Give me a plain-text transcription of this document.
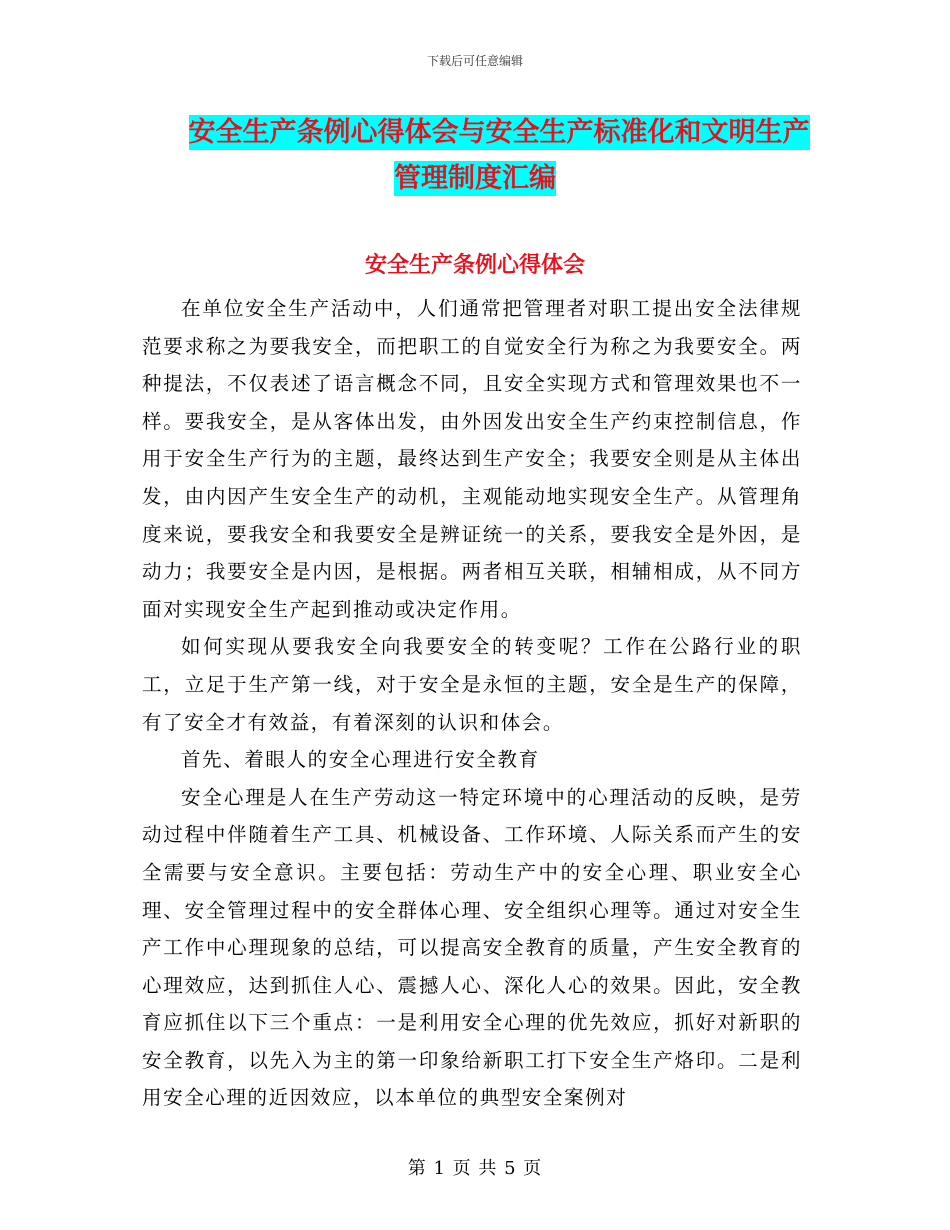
下载后可任意编辑
安全生产条例心得体会与安全生产标准化和文明生产
管理制度汇编
安全生产条例心得体会

在单位安全生产活动中，人们通常把管理者对职工提出安全法律规范要求称之为要我安全，而把职工的自觉安全行为称之为我要安全。两种提法，不仅表述了语言概念不同，且安全实现方式和管理效果也不一样。要我安全，是从客体出发，由外因发出安全生产约束控制信息，作用于安全生产行为的主题，最终达到生产安全；我要安全则是从主体出发，由内因产生安全生产的动机，主观能动地实现安全生产。从管理角度来说，要我安全和我要安全是辨证统一的关系，要我安全是外因，是动力；我要安全是内因，是根据。两者相互关联，相辅相成，从不同方面对实现安全生产起到推动或决定作用。

如何实现从要我安全向我要安全的转变呢？工作在公路行业的职工，立足于生产第一线，对于安全是永恒的主题，安全是生产的保障，有了安全才有效益，有着深刻的认识和体会。

首先、着眼人的安全心理进行安全教育

安全心理是人在生产劳动这一特定环境中的心理活动的反映，是劳动过程中伴随着生产工具、机械设备、工作环境、人际关系而产生的安全需要与安全意识。主要包括：劳动生产中的安全心理、职业安全心理、安全管理过程中的安全群体心理、安全组织心理等。通过对安全生产工作中心理现象的总结，可以提高安全教育的质量，产生安全教育的心理效应，达到抓住人心、震撼人心、深化人心的效果。因此，安全教育应抓住以下三个重点：一是利用安全心理的优先效应，抓好对新职的安全教育，以先入为主的第一印象给新职工打下安全生产烙印。二是利用安全心理的近因效应，以本单位的典型安全案例对

第 1 页 共 5 页
